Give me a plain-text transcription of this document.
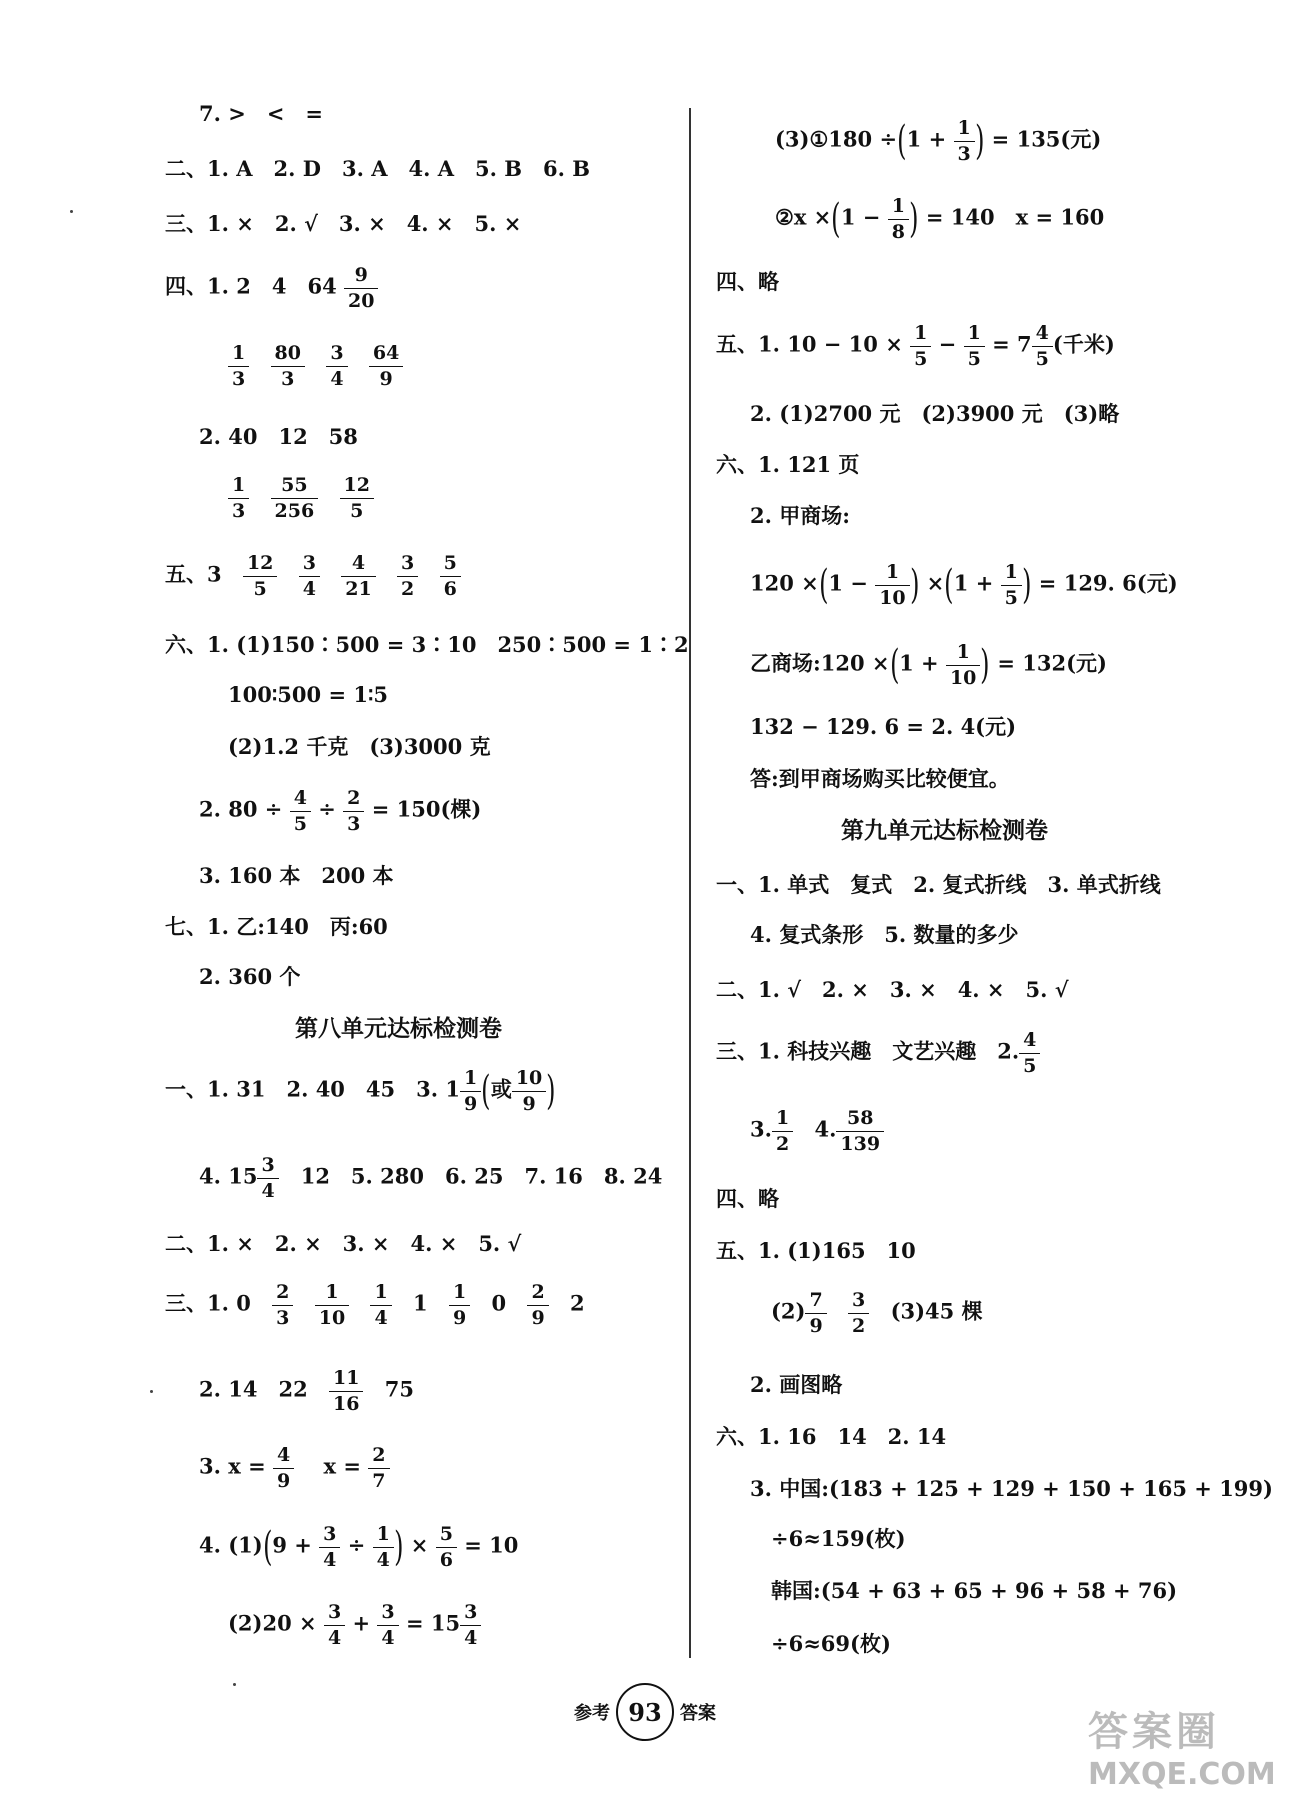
7. >　<　=
二、1. A　2. D　3. A　4. A　5. B　6. B
三、1. ×　2. √　3. ×　4. ×　5. ×
四、1. 2　4　$64 \frac{9}{20}$
$\frac{1}{3}$
$\frac{80}{3}$
$\frac{3}{4}$
$\frac{64}{9}$
2. 40　12　58
$\frac{1}{3}$
$\frac{55}{256}$
$\frac{12}{5}$
五、$3 \frac{12}{5}$
$\frac{3}{4}$
$\frac{4}{21}$
$\frac{3}{2}$
$\frac{5}{6}$
六、1. (1)150∶500 = 3∶10　250∶500 = 1∶2
100∶500 = 1∶5
(2)1.2 千克　(3)3000 克
2. $80 \div \frac{4}{5} \div \frac{2}{3} = 150$(棵)
3. 160 本　200 本
七、1. 乙:140　丙:60
2. 360 个
第八单元达标检测卷
一、1. 31　2. 40　45　3. $1 \frac{1}{9}$ (或 $\frac{10}{9}$ )
4. $15 \frac{3}{4} 12$　5. 280　6. 25　7. 16　8. 24
二、1. ×　2. ×　3. ×　4. ×　5. √
三、1. $0 \frac{2}{3}$
$\frac{1}{10}$
$\frac{1}{4} 1 \frac{1}{9} 0 \frac{2}{9} 2$
2. 14　$22 \frac{11}{16} 75$
3. $x = \frac{4}{9}$ $x = \frac{2}{7}$
4. $(1)(9 + \frac{3}{4} \div \frac{1}{4}$ ) × $\frac{5}{6} = 10$
$(2)20 \times \frac{3}{4} + \frac{3}{4} = 15 \frac{3}{4}$
(3)①180 $\div(1 + \frac{1}{3}$ ) = 135(元)
②x $\times(1 - \frac{1}{8}$ ) = 140　x = 160
四、略
五、1. $10 - 10 \times \frac{1}{5} - \frac{1}{5} = 7 \frac{4}{5}$ (千米)
2. (1)2700 元　(2)3900 元　(3)略
六、1. 121 页
2. 甲商场:
$120 \times(1 - \frac{1}{10}$ ) $\times(1 + \frac{1}{5}$ ) = 129. 6(元)
乙商场:120 $\times(1 + \frac{1}{10}$ ) = 132(元)
132 − 129. 6 = 2. 4(元)
答:到甲商场购买比较便宜。
第九单元达标检测卷
一、1. 单式　复式　2. 复式折线　3. 单式折线
4. 复式条形　5. 数量的多少
二、1. √　2. ×　3. ×　4. ×　5. √
三、1. 科技兴趣　文艺兴趣　2. $\frac{4}{5}$
3. $\frac{1}{2} 4$. $\frac{58}{139}$
四、略
五、1. (1)165　10
$(2) \frac{7}{9}$
$\frac{3}{2} (3)45$ 棵
2. 画图略
六、1. 16　14　2. 14
3. 中国:(183 + 125 + 129 + 150 + 165 + 199)
÷6≈159(枚)
韩国:(54 + 63 + 65 + 96 + 58 + 76)
÷6≈69(枚)
参考 93	答案	答案圈
MXQE.COM
